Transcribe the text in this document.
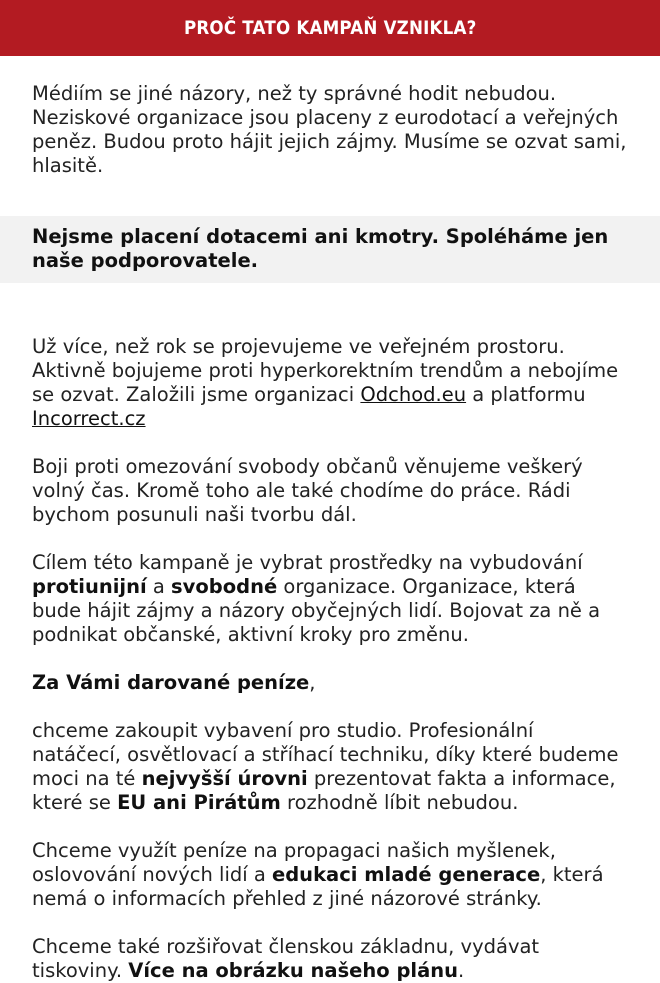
PROČ TATO KAMPAŇ VZNIKLA?

Médiím se jiné názory, než ty správné hodit nebudou. Neziskové organizace jsou placeny z eurodotací a veřejných peněz. Budou proto hájit jejich zájmy. Musíme se ozvat sami, hlasitě.

Nejsme placení dotacemi ani kmotry. Spoléháme jen naše podporovatele.

Už více, než rok se projevujeme ve veřejném prostoru. Aktivně bojujeme proti hyperkorektním trendům a nebojíme se ozvat. Založili jsme organizaci Odchod.eu a platformu Incorrect.cz

Boji proti omezování svobody občanů věnujeme veškerý volný čas. Kromě toho ale také chodíme do práce. Rádi bychom posunuli naši tvorbu dál.

Cílem této kampaně je vybrat prostředky na vybudování protiunijní a svobodné organizace. Organizace, která bude hájit zájmy a názory obyčejných lidí. Bojovat za ně a podnikat občanské, aktivní kroky pro změnu.

Za Vámi darované peníze,

chceme zakoupit vybavení pro studio. Profesionální natáčecí, osvětlovací a stříhací techniku, díky které budeme moci na té nejvyšší úrovni prezentovat fakta a informace, které se EU ani Pirátům rozhodně líbit nebudou.

Chceme využít peníze na propagaci našich myšlenek, oslovování nových lidí a edukaci mladé generace, která nemá o informacích přehled z jiné názorové stránky.

Chceme také rozšiřovat členskou základnu, vydávat tiskoviny. Více na obrázku našeho plánu.
